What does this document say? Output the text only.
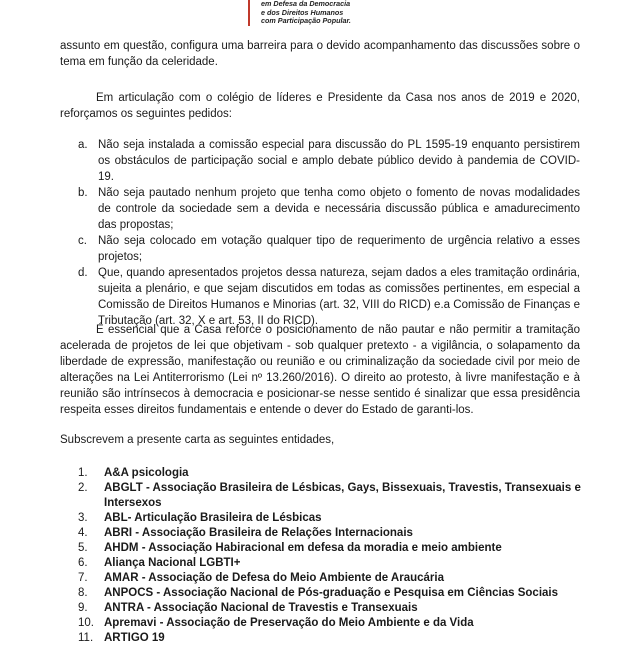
em Defesa da Democracia
e dos Direitos Humanos
com Participação Popular.
assunto em questão, configura uma barreira para o devido acompanhamento das discussões sobre o tema em função da celeridade.
Em articulação com o colégio de líderes e Presidente da Casa nos anos de 2019 e 2020, reforçamos os seguintes pedidos:
a. Não seja instalada a comissão especial para discussão do PL 1595-19 enquanto persistirem os obstáculos de participação social e amplo debate público devido à pandemia de COVID-19.
b. Não seja pautado nenhum projeto que tenha como objeto o fomento de novas modalidades de controle da sociedade sem a devida e necessária discussão pública e amadurecimento das propostas;
c. Não seja colocado em votação qualquer tipo de requerimento de urgência relativo a esses projetos;
d. Que, quando apresentados projetos dessa natureza, sejam dados a eles tramitação ordinária, sujeita a plenário, e que sejam discutidos em todas as comissões pertinentes, em especial a Comissão de Direitos Humanos e Minorias (art. 32, VIII do RICD) e.a Comissão de Finanças e Tributação (art. 32, X e art. 53, II do RICD).
É essencial que a Casa reforce o posicionamento de não pautar e não permitir a tramitação acelerada de projetos de lei que objetivam - sob qualquer pretexto - a vigilância, o solapamento da liberdade de expressão, manifestação ou reunião e ou criminalização da sociedade civil por meio de alterações na Lei Antiterrorismo (Lei nº 13.260/2016). O direito ao protesto, à livre manifestação e à reunião são intrínsecos à democracia e posicionar-se nesse sentido é sinalizar que essa presidência respeita esses direitos fundamentais e entende o dever do Estado de garanti-los.
Subscrevem a presente carta as seguintes entidades,
1.	A&A psicologia
2.	ABGLT - Associação Brasileira de Lésbicas, Gays, Bissexuais, Travestis, Transexuais e Intersexos
3.	ABL- Articulação Brasileira de Lésbicas
4.	ABRI - Associação Brasileira de Relações Internacionais
5.	AHDM - Associação Habiracional em defesa da moradia e meio ambiente
6.	Aliança Nacional LGBTI+
7.	AMAR - Associação de Defesa do Meio Ambiente de Araucária
8.	ANPOCS - Associação Nacional de Pós-graduação e Pesquisa em Ciências Sociais
9.	ANTRA - Associação Nacional de Travestis e Transexuais
10. Apremavi - Associação de Preservação do Meio Ambiente e da Vida
11. ARTIGO 19
